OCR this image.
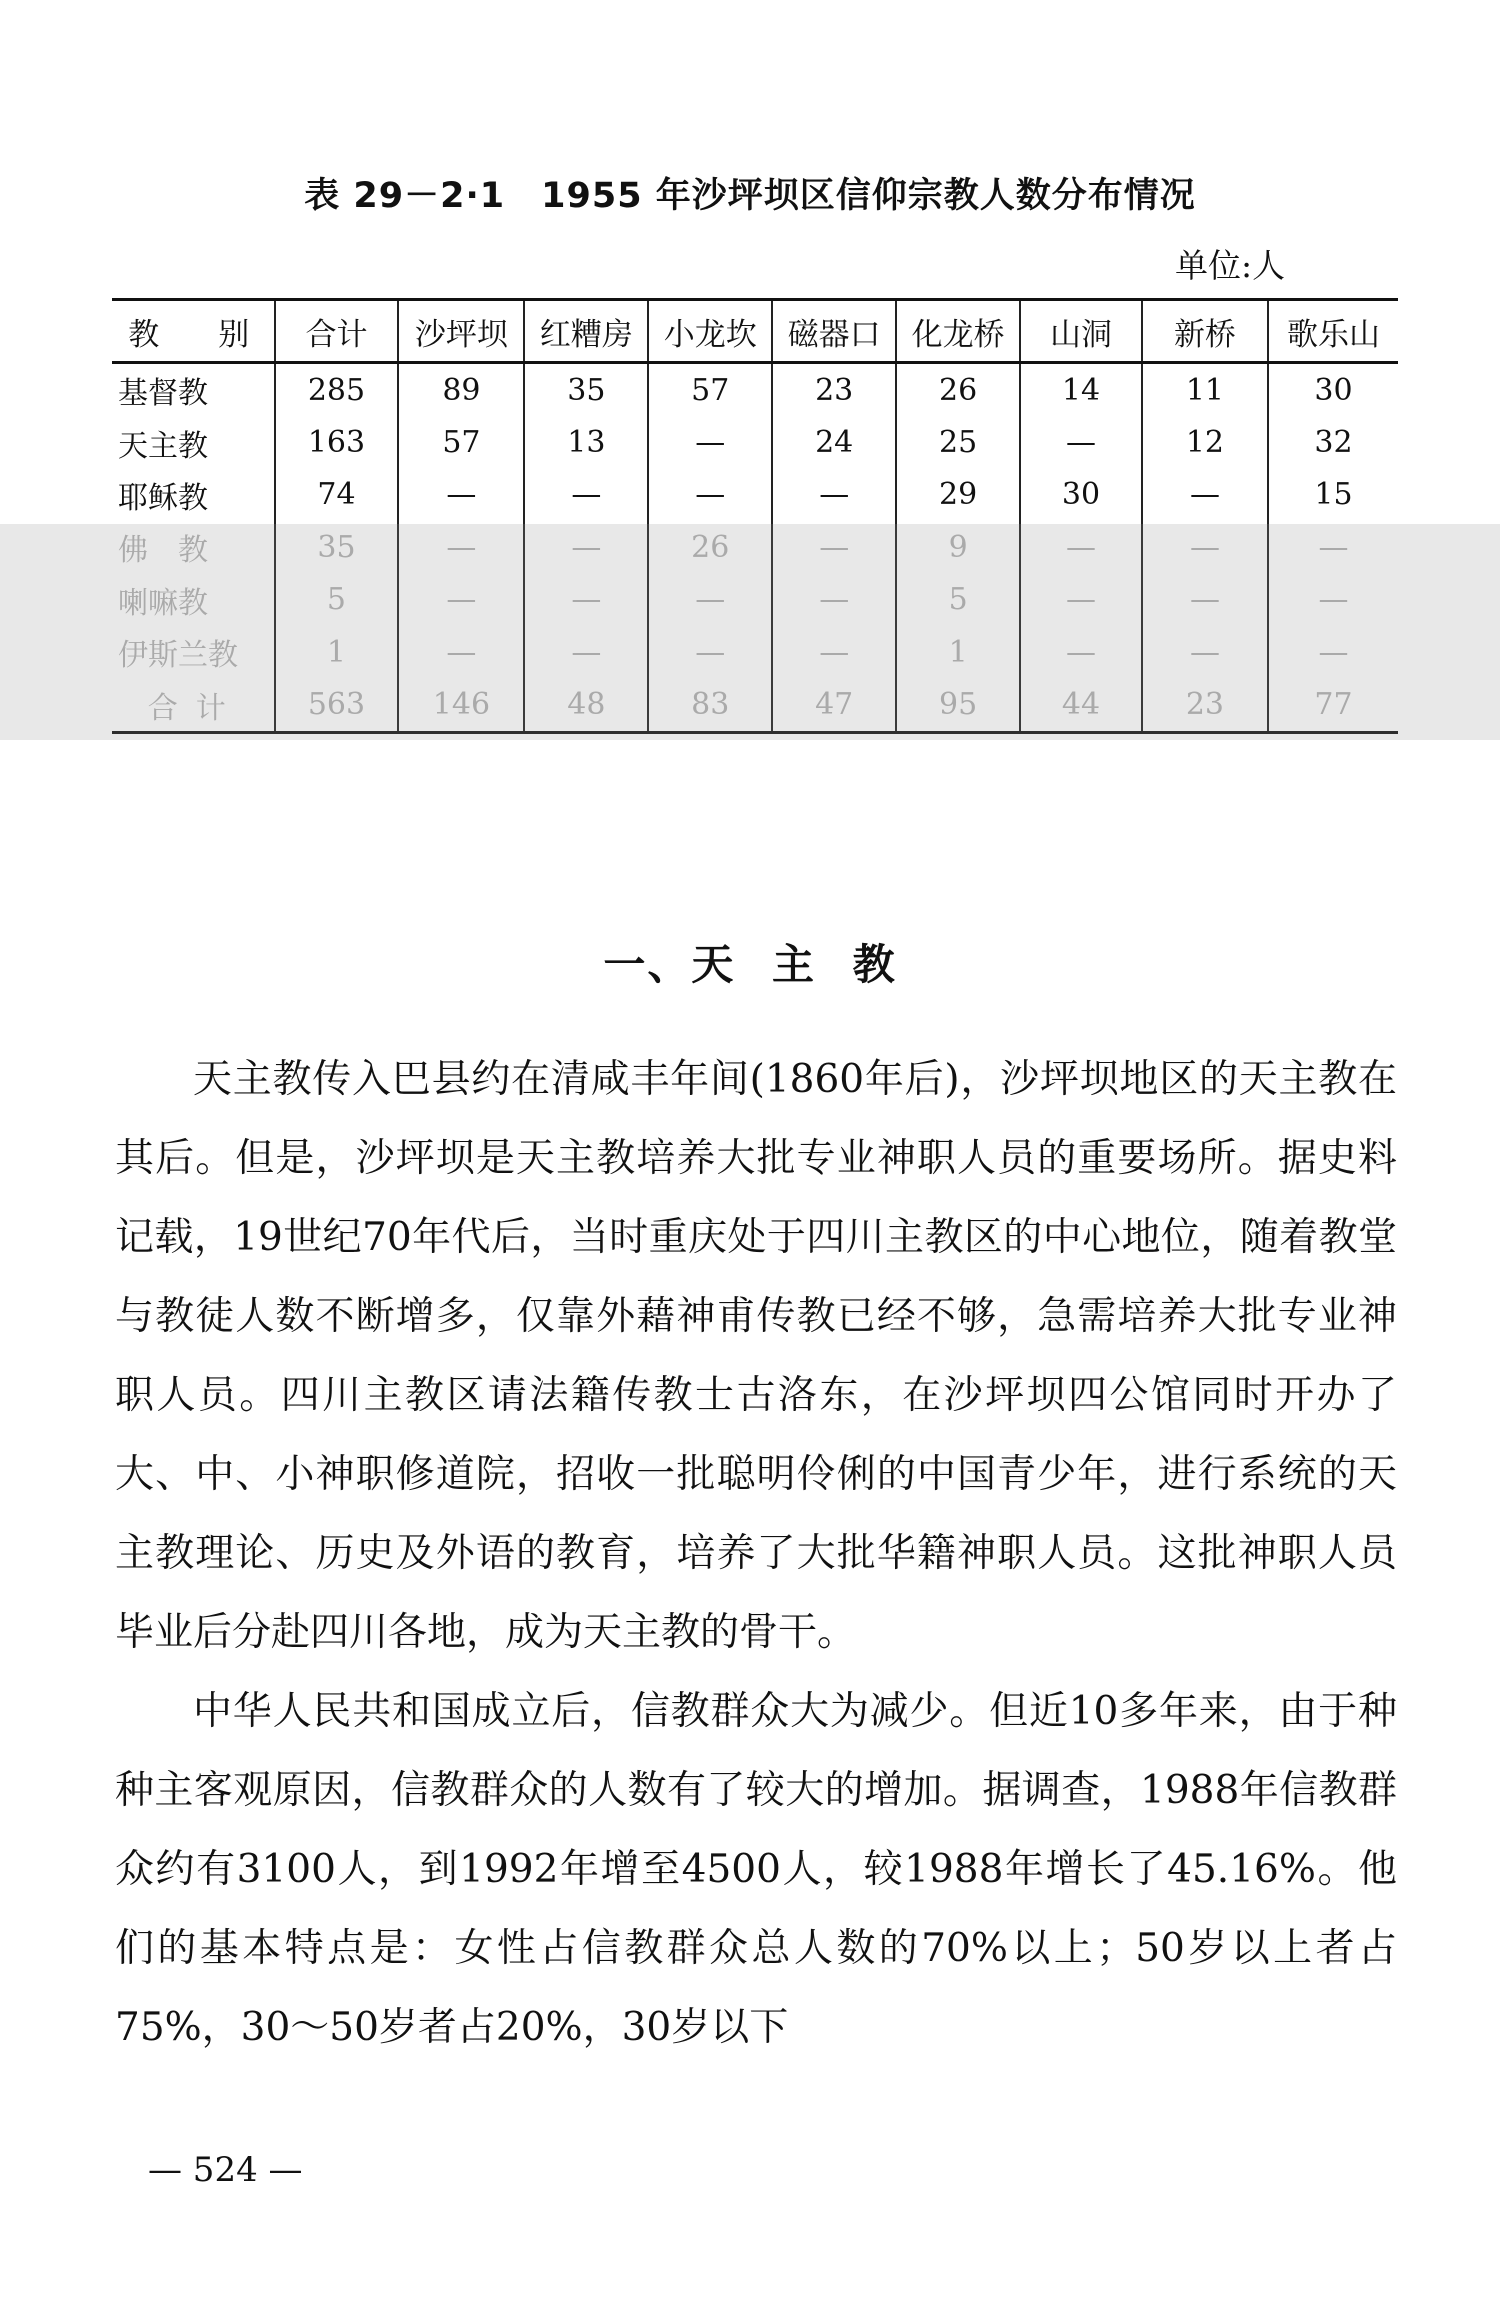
表 29－2·1　1955 年沙坪坝区信仰宗教人数分布情况
单位:人
教　别	合计	沙坪坝	红糟房	小龙坎	磁器口	化龙桥	山洞	新桥	歌乐山
基督教	285	89	35	57	23	26	14	11	30
天主教	163	57	13	—	24	25	—	12	32
耶稣教	74	—	—	—	—	29	30	—	15
佛　教	35	—	—	26	—	9	—	—	—
喇嘛教	5	—	—	—	—	5	—	—	—
伊斯兰教	1	—	—	—	—	1	—	—	—
合计	563	146	48	83	47	95	44	23	77
一、天 主 教

天主教传入巴县约在清咸丰年间(1860年后)，沙坪坝地区的天主教在其后。但是，沙坪坝是天主教培养大批专业神职人员的重要场所。据史料记载，19世纪70年代后，当时重庆处于四川主教区的中心地位，随着教堂与教徒人数不断增多，仅靠外藉神甫传教已经不够，急需培养大批专业神职人员。四川主教区请法籍传教士古洛东，在沙坪坝四公馆同时开办了大、中、小神职修道院，招收一批聪明伶俐的中国青少年，进行系统的天主教理论、历史及外语的教育，培养了大批华籍神职人员。这批神职人员毕业后分赴四川各地，成为天主教的骨干。

中华人民共和国成立后，信教群众大为减少。但近10多年来，由于种种主客观原因，信教群众的人数有了较大的增加。据调查，1988年信教群众约有3100人，到1992年增至4500人，较1988年增长了45.16%。他们的基本特点是：女性占信教群众总人数的70%以上；50岁以上者占75%，30～50岁者占20%，30岁以下

— 524 —
